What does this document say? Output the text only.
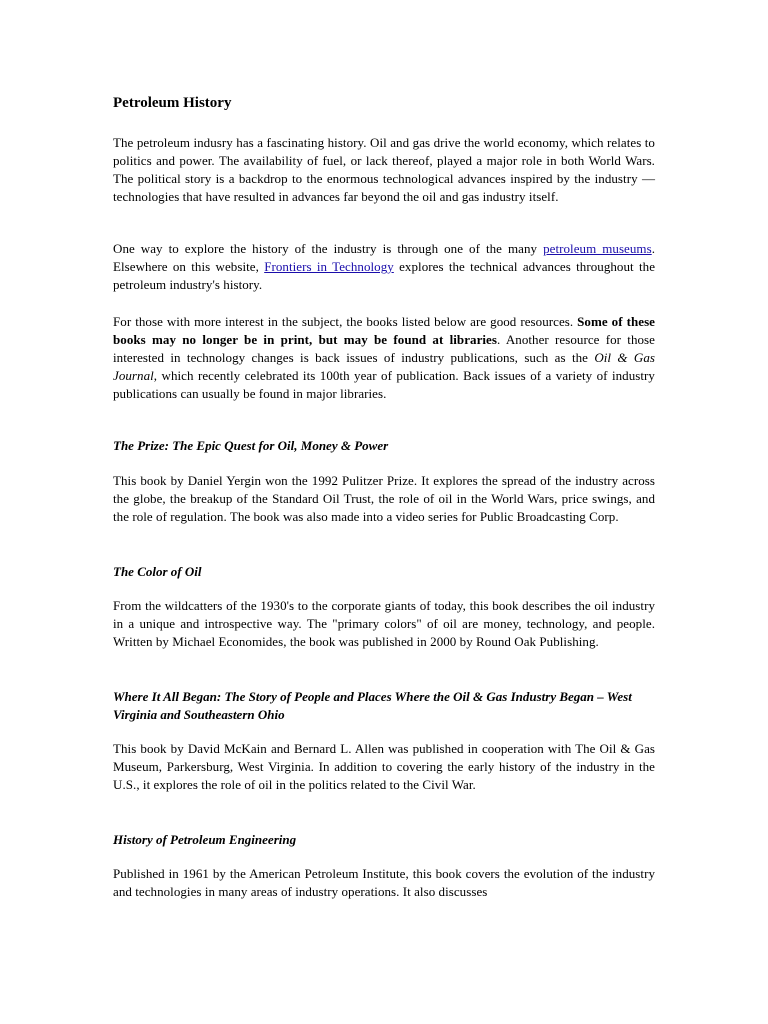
Petroleum History

The petroleum indusry has a fascinating history. Oil and gas drive the world economy, which relates to politics and power. The availability of fuel, or lack thereof, played a major role in both World Wars. The political story is a backdrop to the enormous technological advances inspired by the industry — technologies that have resulted in advances far beyond the oil and gas industry itself.

One way to explore the history of the industry is through one of the many petroleum museums. Elsewhere on this website, Frontiers in Technology explores the technical advances throughout the petroleum industry's history.

For those with more interest in the subject, the books listed below are good resources. Some of these books may no longer be in print, but may be found at libraries. Another resource for those interested in technology changes is back issues of industry publications, such as the Oil & Gas Journal, which recently celebrated its 100th year of publication. Back issues of a variety of industry publications can usually be found in major libraries.

The Prize: The Epic Quest for Oil, Money & Power

This book by Daniel Yergin won the 1992 Pulitzer Prize. It explores the spread of the industry across the globe, the breakup of the Standard Oil Trust, the role of oil in the World Wars, price swings, and the role of regulation. The book was also made into a video series for Public Broadcasting Corp.

The Color of Oil

From the wildcatters of the 1930's to the corporate giants of today, this book describes the oil industry in a unique and introspective way. The "primary colors" of oil are money, technology, and people. Written by Michael Economides, the book was published in 2000 by Round Oak Publishing.

Where It All Began: The Story of People and Places Where the Oil & Gas Industry Began – West Virginia and Southeastern Ohio

This book by David McKain and Bernard L. Allen was published in cooperation with The Oil & Gas Museum, Parkersburg, West Virginia. In addition to covering the early history of the industry in the U.S., it explores the role of oil in the politics related to the Civil War.

History of Petroleum Engineering

Published in 1961 by the American Petroleum Institute, this book covers the evolution of the industry and technologies in many areas of industry operations. It also discusses
